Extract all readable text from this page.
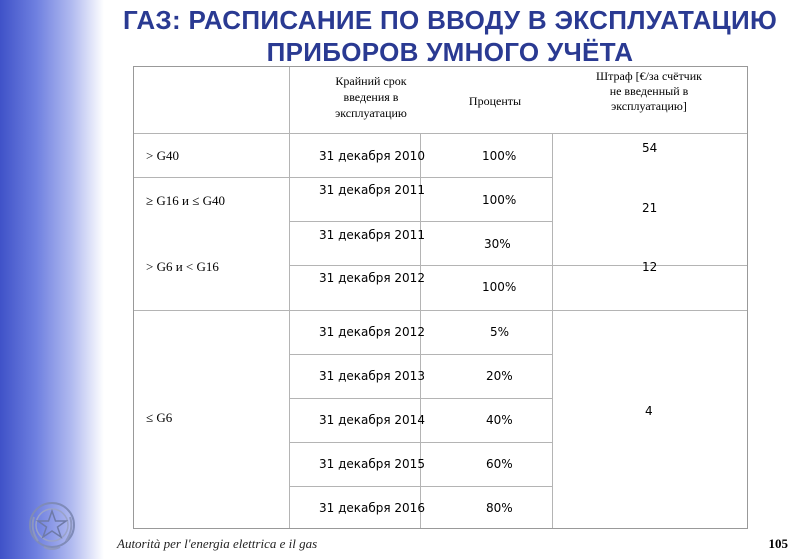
ГАЗ: РАСПИСАНИЕ ПО ВВОДУ В ЭКСПЛУАТАЦИЮ
ПРИБОРОВ УМНОГО УЧЁТА
Крайний срок введения в эксплуатацию
Проценты
Штраф [€/за счётчик не введенный в эксплуатацию]
> G40
≥ G16 и ≤ G40
> G6 и < G16
≤ G6
31 декабря 2010
31 декабря 2011
31 декабря 2011
31 декабря 2012
31 декабря 2012
31 декабря 2013
31 декабря 2014
31 декабря 2015
31 декабря 2016
100%
100%
30%
100%
5%
20%
40%
60%
80%
54
21
12
4
Autorità per l'energia elettrica e il gas	105
